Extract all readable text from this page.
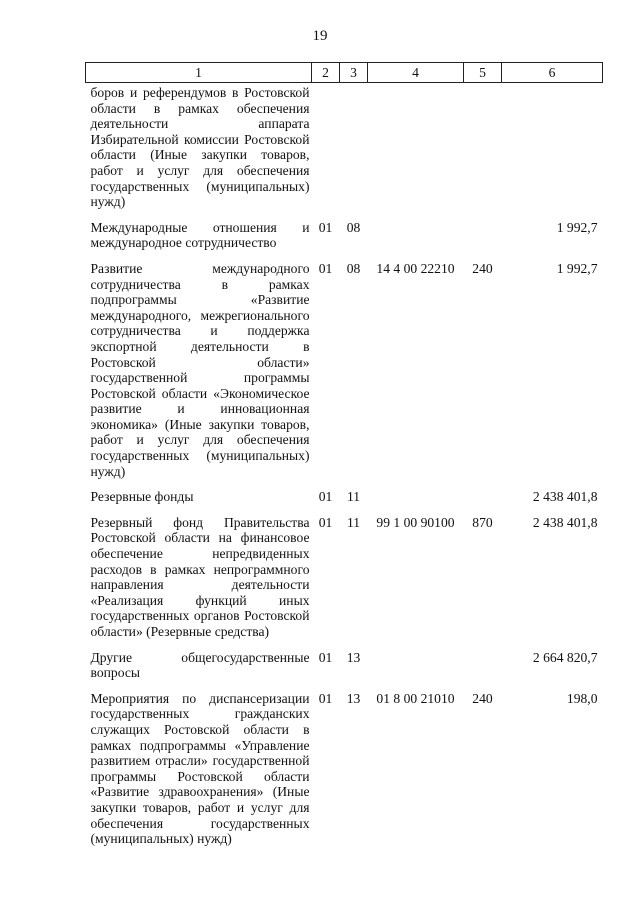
19
1	2	3	4	5	6
боров и референдумов в Ростовской области в рамках обеспечения деятельности аппарата Избирательной комиссии Ростовской области (Иные закупки товаров, работ и услуг для обеспечения государственных (муниципальных) нужд)					
Международные отношения и международное сотрудничество	01	08			1 992,7
Развитие международного сотрудничества в рамках подпрограммы «Развитие международного, межрегионального сотрудничества и поддержка экспортной деятельности в Ростовской области» государственной программы Ростовской области «Экономическое развитие и инновационная экономика» (Иные закупки товаров, работ и услуг для обеспечения государственных (муниципальных) нужд)	01	08	14 4 00 22210	240	1 992,7
Резервные фонды	01	11			2 438 401,8
Резервный фонд Правительства Ростовской области на финансовое обеспечение непредвиденных расходов в рамках непрограммного направления деятельности «Реализация функций иных государственных органов Ростовской области» (Резервные средства)	01	11	99 1 00 90100	870	2 438 401,8
Другие общегосударственные вопросы	01	13			2 664 820,7
Мероприятия по диспансеризации государственных гражданских служащих Ростовской области в рамках подпрограммы «Управление развитием отрасли» государственной программы Ростовской области «Развитие здравоохранения» (Иные закупки товаров, работ и услуг для обеспечения государственных (муниципальных) нужд)	01	13	01 8 00 21010	240	198,0
